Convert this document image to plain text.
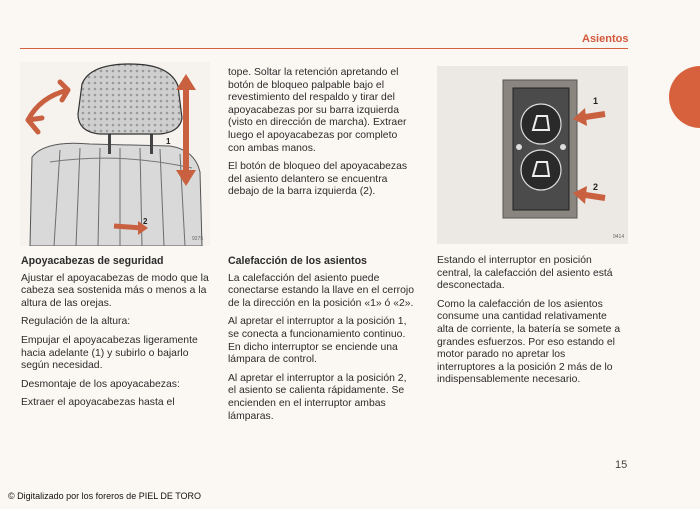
Asientos
1
2
9275
1
2
9414
Apoyacabezas de seguridad

Ajustar el apoyacabezas de modo que la cabeza sea sostenida más o menos a la altura de las orejas.

Regulación de la altura:

Empujar el apoyacabezas ligeramente hacia adelante (1) y subirlo o bajarlo según necesidad.

Desmontaje de los apoyacabezas:

Extraer el apoyacabezas hasta el

tope. Soltar la retención apretando el botón de bloqueo palpable bajo el revestimiento del respaldo y tirar del apoyacabezas por su barra izquierda (visto en dirección de marcha). Extraer luego el apoyacabezas por completo con ambas manos.

El botón de bloqueo del apoyacabezas del asiento delantero se encuentra debajo de la barra izquierda (2).

Calefacción de los asientos

La calefacción del asiento puede conectarse estando la llave en el cerrojo de la dirección en la posición «1» ó «2».

Al apretar el interruptor a la posición 1, se conecta a funcionamiento continuo. En dicho interruptor se enciende una lámpara de control.

Al apretar el interruptor a la posición 2, el asiento se calienta rápidamente. Se encienden en el interruptor ambas lámparas.

Estando el interruptor en posición central, la calefacción del asiento está desconectada.

Como la calefacción de los asientos consume una cantidad relativamente alta de corriente, la batería se somete a grandes esfuerzos. Por eso estando el motor parado no apretar los interruptores a la posición 2 más de lo indispensablemente necesario.

15
© Digitalizado por los foreros de PIEL DE TORO
